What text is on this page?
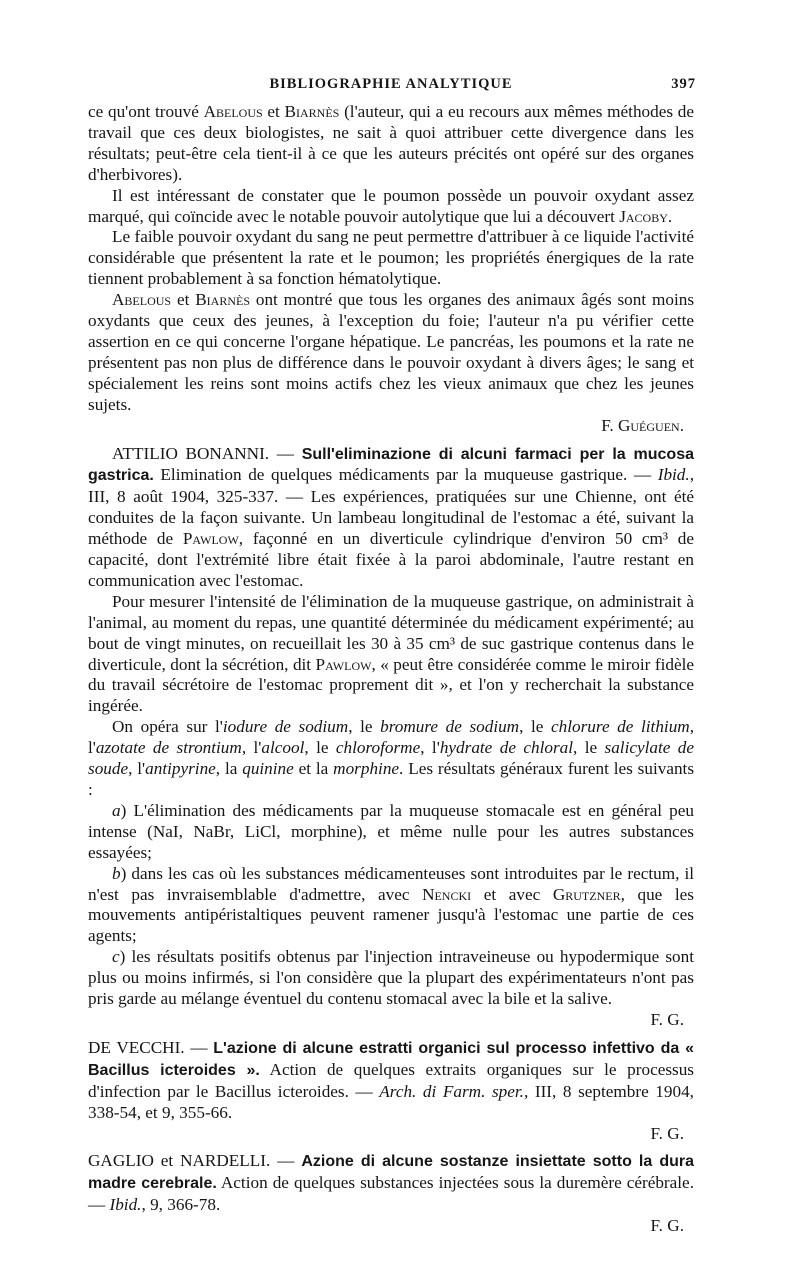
BIBLIOGRAPHIE ANALYTIQUE	397

ce qu'ont trouvé Abelous et Biarnès (l'auteur, qui a eu recours aux mêmes méthodes de travail que ces deux biologistes, ne sait à quoi attribuer cette divergence dans les résultats; peut-être cela tient-il à ce que les auteurs précités ont opéré sur des organes d'herbivores).

Il est intéressant de constater que le poumon possède un pouvoir oxydant assez marqué, qui coïncide avec le notable pouvoir autolytique que lui a découvert Jacoby.

Le faible pouvoir oxydant du sang ne peut permettre d'attribuer à ce liquide l'activité considérable que présentent la rate et le poumon; les propriétés énergiques de la rate tiennent probablement à sa fonction hématolytique.

Abelous et Biarnès ont montré que tous les organes des animaux âgés sont moins oxydants que ceux des jeunes, à l'exception du foie; l'auteur n'a pu vérifier cette assertion en ce qui concerne l'organe hépatique. Le pancréas, les poumons et la rate ne présentent pas non plus de différence dans le pouvoir oxydant à divers âges; le sang et spécialement les reins sont moins actifs chez les vieux animaux que chez les jeunes sujets.

F. Guéguen.

ATTILIO BONANNI. — Sull'eliminazione di alcuni farmaci per la mucosa gastrica. Elimination de quelques médicaments par la muqueuse gastrique. — Ibid., III, 8 août 1904, 325-337. — Les expériences, pratiquées sur une Chienne, ont été conduites de la façon suivante. Un lambeau longitudinal de l'estomac a été, suivant la méthode de Pawlow, façonné en un diverticule cylindrique d'environ 50 cm³ de capacité, dont l'extrémité libre était fixée à la paroi abdominale, l'autre restant en communication avec l'estomac.

Pour mesurer l'intensité de l'élimination de la muqueuse gastrique, on administrait à l'animal, au moment du repas, une quantité déterminée du médicament expérimenté; au bout de vingt minutes, on recueillait les 30 à 35 cm³ de suc gastrique contenus dans le diverticule, dont la sécrétion, dit Pawlow, « peut être considérée comme le miroir fidèle du travail sécrétoire de l'estomac proprement dit », et l'on y recherchait la substance ingérée.

On opéra sur l'iodure de sodium, le bromure de sodium, le chlorure de lithium, l'azotate de strontium, l'alcool, le chloroforme, l'hydrate de chloral, le salicylate de soude, l'antipyrine, la quinine et la morphine. Les résultats généraux furent les suivants :

a) L'élimination des médicaments par la muqueuse stomacale est en général peu intense (NaI, NaBr, LiCl, morphine), et même nulle pour les autres substances essayées;

b) dans les cas où les substances médicamenteuses sont introduites par le rectum, il n'est pas invraisemblable d'admettre, avec Nencki et avec Grutzner, que les mouvements antipéristaltiques peuvent ramener jusqu'à l'estomac une partie de ces agents;

c) les résultats positifs obtenus par l'injection intraveineuse ou hypodermique sont plus ou moins infirmés, si l'on considère que la plupart des expérimentateurs n'ont pas pris garde au mélange éventuel du contenu stomacal avec la bile et la salive.

F. G.

DE VECCHI. — L'azione di alcune estratti organici sul processo infettivo da « Bacillus icteroides ». Action de quelques extraits organiques sur le processus d'infection par le Bacillus icteroides. — Arch. di Farm. sper., III, 8 septembre 1904, 338-54, et 9, 355-66.

F. G.

GAGLIO et NARDELLI. — Azione di alcune sostanze insiettate sotto la dura madre cerebrale. Action de quelques substances injectées sous la duremère cérébrale. — Ibid., 9, 366-78.

F. G.
